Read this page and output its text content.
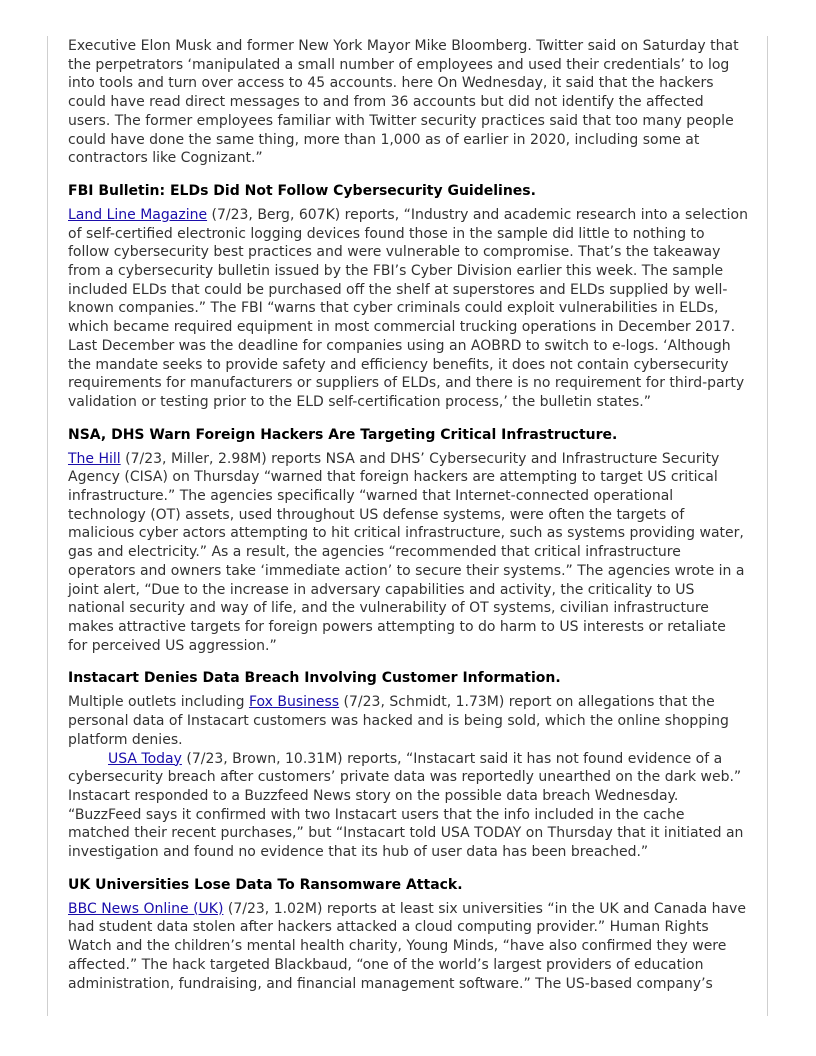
Executive Elon Musk and former New York Mayor Mike Bloomberg. Twitter said on Saturday that the perpetrators ‘manipulated a small number of employees and used their credentials’ to log into tools and turn over access to 45 accounts. here On Wednesday, it said that the hackers could have read direct messages to and from 36 accounts but did not identify the affected users. The former employees familiar with Twitter security practices said that too many people could have done the same thing, more than 1,000 as of earlier in 2020, including some at contractors like Cognizant.”

FBI Bulletin: ELDs Did Not Follow Cybersecurity Guidelines.

Land Line Magazine (7/23, Berg, 607K) reports, “Industry and academic research into a selection of self-certified electronic logging devices found those in the sample did little to nothing to follow cybersecurity best practices and were vulnerable to compromise. That’s the takeaway from a cybersecurity bulletin issued by the FBI’s Cyber Division earlier this week. The sample included ELDs that could be purchased off the shelf at superstores and ELDs supplied by well-known companies.” The FBI “warns that cyber criminals could exploit vulnerabilities in ELDs, which became required equipment in most commercial trucking operations in December 2017. Last December was the deadline for companies using an AOBRD to switch to e-logs. ‘Although the mandate seeks to provide safety and efficiency benefits, it does not contain cybersecurity requirements for manufacturers or suppliers of ELDs, and there is no requirement for third-party validation or testing prior to the ELD self-certification process,’ the bulletin states.”

NSA, DHS Warn Foreign Hackers Are Targeting Critical Infrastructure.

The Hill (7/23, Miller, 2.98M) reports NSA and DHS’ Cybersecurity and Infrastructure Security Agency (CISA) on Thursday “warned that foreign hackers are attempting to target US critical infrastructure.” The agencies specifically “warned that Internet-connected operational technology (OT) assets, used throughout US defense systems, were often the targets of malicious cyber actors attempting to hit critical infrastructure, such as systems providing water, gas and electricity.” As a result, the agencies “recommended that critical infrastructure operators and owners take ‘immediate action’ to secure their systems.” The agencies wrote in a joint alert, “Due to the increase in adversary capabilities and activity, the criticality to US national security and way of life, and the vulnerability of OT systems, civilian infrastructure makes attractive targets for foreign powers attempting to do harm to US interests or retaliate for perceived US aggression.”

Instacart Denies Data Breach Involving Customer Information.

Multiple outlets including Fox Business (7/23, Schmidt, 1.73M) report on allegations that the personal data of Instacart customers was hacked and is being sold, which the online shopping platform denies.

USA Today (7/23, Brown, 10.31M) reports, “Instacart said it has not found evidence of a cybersecurity breach after customers’ private data was reportedly unearthed on the dark web.” Instacart responded to a Buzzfeed News story on the possible data breach Wednesday. “BuzzFeed says it confirmed with two Instacart users that the info included in the cache matched their recent purchases,” but “Instacart told USA TODAY on Thursday that it initiated an investigation and found no evidence that its hub of user data has been breached.”

UK Universities Lose Data To Ransomware Attack.

BBC News Online (UK) (7/23, 1.02M) reports at least six universities “in the UK and Canada have had student data stolen after hackers attacked a cloud computing provider.” Human Rights Watch and the children’s mental health charity, Young Minds, “have also confirmed they were affected.” The hack targeted Blackbaud, “one of the world’s largest providers of education administration, fundraising, and financial management software.” The US-based company’s
